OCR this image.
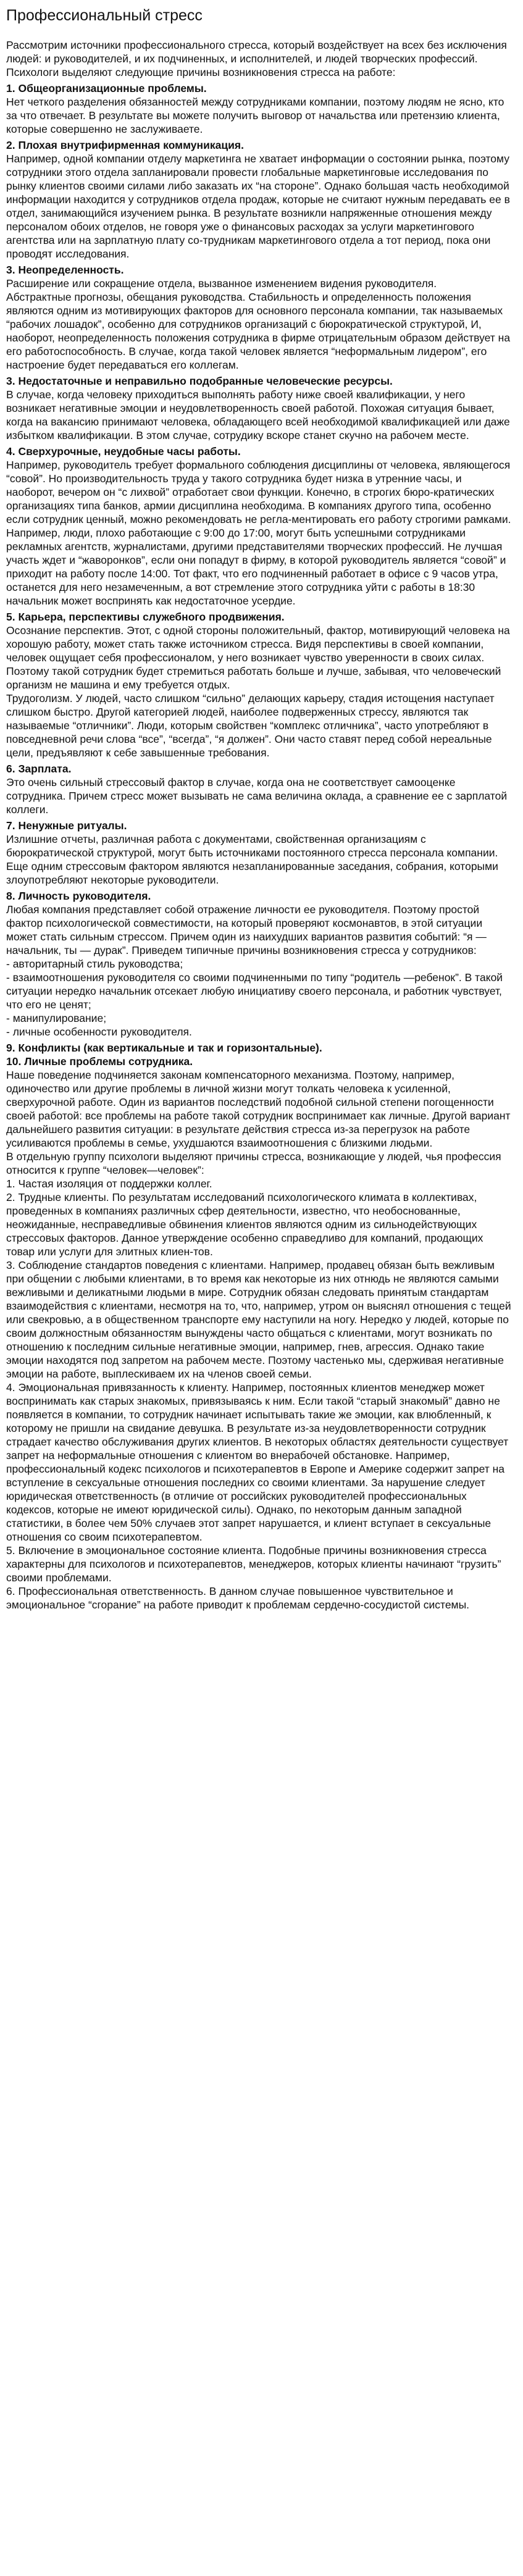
Профессиональный стресс
Рассмотрим источники профессионального стресса, который воздействует на всех без исключения людей: и руководителей, и их подчиненных, и исполнителей, и людей творческих профессий.
Психологи выделяют следующие причины возникновения стресса на работе:
1. Общеорганизационные проблемы.
Нет четкого разделения обязанностей между сотрудниками компании, поэтому людям не ясно, кто за что отвечает. В результате вы можете получить выговор от начальства или претензию клиента, которые совершенно не заслуживаете.
2. Плохая внутрифирменная коммуникация.
Например, одной компании отделу маркетинга не хватает информации о состоянии рынка, поэтому сотрудники этого отдела запланировали провести глобальные маркетинговые исследования по рынку клиентов своими силами либо заказать их “на стороне”. Однако большая часть необходимой информации находится у сотрудников отдела продаж, которые не считают нужным передавать ее в отдел, занимающийся изучением рынка. В результате возникли напряженные отношения между персоналом обоих отделов, не говоря уже о финансовых расходах за услуги маркетингового агентства или на зарплатную плату со-трудникам маркетингового отдела а тот период, пока они проводят исследования.
3. Неопределенность.
Расширение или сокращение отдела, вызванное изменением видения руководителя.
Абстрактные прогнозы, обещания руководства. Стабильность и определенность положения являются одним из мотивирующих факторов для основного персонала компании, так называемых “рабочих лошадок”, особенно для сотрудников организаций с бюрократической структурой, И, наоборот, неопределенность положения сотрудника в фирме отрицательным образом действует на его работоспособность. В случае, когда такой человек является “неформальным лидером”, его настроение будет передаваться его коллегам.
3. Недостаточные и неправильно подобранные человеческие ресурсы.
В случае, когда человеку приходиться выполнять работу ниже своей квалификации, у него возникает негативные эмоции и неудовлетворенность своей работой. Похожая ситуация бывает, когда на вакансию принимают человека, обладающего всей необходимой квалификацией или даже избытком квалификации. В этом случае, сотрудику вскоре станет скучно на рабочем месте.
4. Сверхурочные, неудобные часы работы.
Например, руководитель требует формального соблюдения дисциплины от человека, являющегося “совой”. Но производительность труда у такого сотрудника будет низка в утренние часы, и наоборот, вечером он “с лихвой” отработает свои функции. Конечно, в строгих бюро-кратических организациях типа банков, армии дисциплина необходима. В компаниях другого типа, особенно если сотрудник ценный, можно рекомендовать не регла-ментировать его работу строгими рамками. Например, люди, плохо работающие с 9:00 до 17:00, могут быть успешными сотрудниками рекламных агентств, журналистами, другими представителями творческих профессий. Не лучшая участь ждет и “жаворонков”, если они попадут в фирму, в которой руководитель является “совой” и приходит на работу после 14:00. Тот факт, что его подчиненный работает в офисе с 9 часов утра, останется для него незамеченным, а вот стремление этого сотрудника уйти с работы в 18:30 начальник может воспринять как недостаточное усердие.
5. Карьера, перспективы служебного продвижения.
Осознание перспектив. Этот, с одной стороны положительный, фактор, мотивирующий человека на хорошую работу, может стать также источником стресса. Видя перспективы в своей компании, человек ощущает себя профессионалом, у него возникает чувство уверенности в своих силах. Поэтому такой сотрудник будет стремиться работать больше и лучше, забывая, что человеческий организм не машина и ему требуется отдых.
Трудоголизм. У людей, часто слишком “сильно” делающих карьеру, стадия истощения наступает слишком быстро. Другой категорией людей, наиболее подверженных стрессу, являются так называемые “отличники”. Люди, которым свойствен “комплекс отличника”, часто употребляют в повседневной речи слова “все”, “всегда”, “я должен”. Они часто ставят перед собой нереальные цели, предъявляют к себе завышенные требования.
6. Зарплата.
Это очень сильный стрессовый фактор в случае, когда она не соответствует самооценке сотрудника. Причем стресс может вызывать не сама величина оклада, а сравнение ее с зарплатой коллеги.
7. Ненужные ритуалы.
Излишние отчеты, различная работа с документами, свойственная организациям с бюрократической структурой, могут быть источниками постоянного стресса персонала компании. Еще одним стрессовым фактором являются незапланированные заседания, собрания, которыми злоупотребляют некоторые руководители.
8. Личность руководителя.
Любая компания представляет собой отражение личности ее руководителя. Поэтому простой фактор психологической совместимости, на который проверяют космонавтов, в этой ситуации может стать сильным стрессом. Причем один из наихудших вариантов развития событий: “я — начальник, ты — дурак”. Приведем типичные причины возникновения стресса у сотрудников:
- авторитарный стиль руководства;
- взаимоотношения руководителя со своими подчиненными по типу “родитель —ребенок”. В такой ситуации нередко начальник отсекает любую инициативу своего персонала, и работник чувствует, что его не ценят;
- манипулирование;
- личные особенности руководителя.
9. Конфликты (как вертикальные и так и горизонтальные).
10. Личные проблемы сотрудника.
Наше поведение подчиняется законам компенсаторного механизма. Поэтому, например, одиночество или другие проблемы в личной жизни могут толкать человека к усиленной, сверхурочной работе. Один из вариантов последствий подобной сильной степени погощенности своей работой: все проблемы на работе такой сотрудник воспринимает как личные. Другой вариант дальнейшего развития ситуации: в результате действия стресса из-за перегрузок на работе усиливаются проблемы в семье, ухудшаются взаимоотношения с близкими людьми.
В отдельную группу психологи выделяют причины стресса, возникающие у людей, чья профессия относится к группе “человек—человек”:
1. Частая изоляция от поддержки коллег.
2. Трудные клиенты. По результатам исследований психологического климата в коллективах, проведенных в компаниях различных сфер деятельности, известно, что необоснованные, неожиданные, несправедливые обвинения клиентов являются одним из сильнодействующих стрессовых факторов. Данное утверждение особенно справедливо для компаний, продающих товар или услуги для элитных клиен-тов.
3. Соблюдение стандартов поведения с клиентами. Например, продавец обязан быть вежливым при общении с любыми клиентами, в то время как некоторые из них отнюдь не являются самыми вежливыми и деликатными людьми в мире. Сотрудник обязан следовать принятым стандартам взаимодействия с клиентами, несмотря на то, что, например, утром он выяснял отношения с тещей или свекровью, а в общественном транспорте ему наступили на ногу. Нередко у людей, которые по своим должностным обязанностям вынуждены часто общаться с клиентами, могут возникать по отношению к последним сильные негативные эмоции, например, гнев, агрессия. Однако такие эмоции находятся под запретом на рабочем месте. Поэтому частенько мы, сдерживая негативные эмоции на работе, выплескиваем их на членов своей семьи.
4. Эмоциональная привязанность к клиенту. Например, постоянных клиентов менеджер может воспринимать как старых знакомых, привязываясь к ним. Если такой “старый знакомый” давно не появляется в компании, то сотрудник начинает испытывать такие же эмоции, как влюбленный, к которому не пришли на свидание девушка. В результате из-за неудовлетворенности сотрудник страдает качество обслуживания других клиентов. В некоторых областях деятельности существует запрет на неформальные отношения с клиентом во внерабочей обстановке. Например, профессиональный кодекс психологов и психотерапевтов в Европе и Америке содержит запрет на вступление в сексуальные отношения последних со своими клиентами. За нарушение следует юридическая ответственность (в отличие от российских руководителей профессиональных кодексов, которые не имеют юридической силы). Однако, по некоторым данным западной статистики, в более чем 50% случаев этот запрет нарушается, и клиент вступает в сексуальные отношения со своим психотерапевтом.
5. Включение в эмоциональное состояние клиента. Подобные причины возникновения стресса характерны для психологов и психотерапевтов, менеджеров, которых клиенты начинают “грузить” своими проблемами.
6. Профессиональная ответственность. В данном случае повышенное чувствительное и эмоциональное “сгорание” на работе приводит к проблемам сердечно-сосудистой системы.
